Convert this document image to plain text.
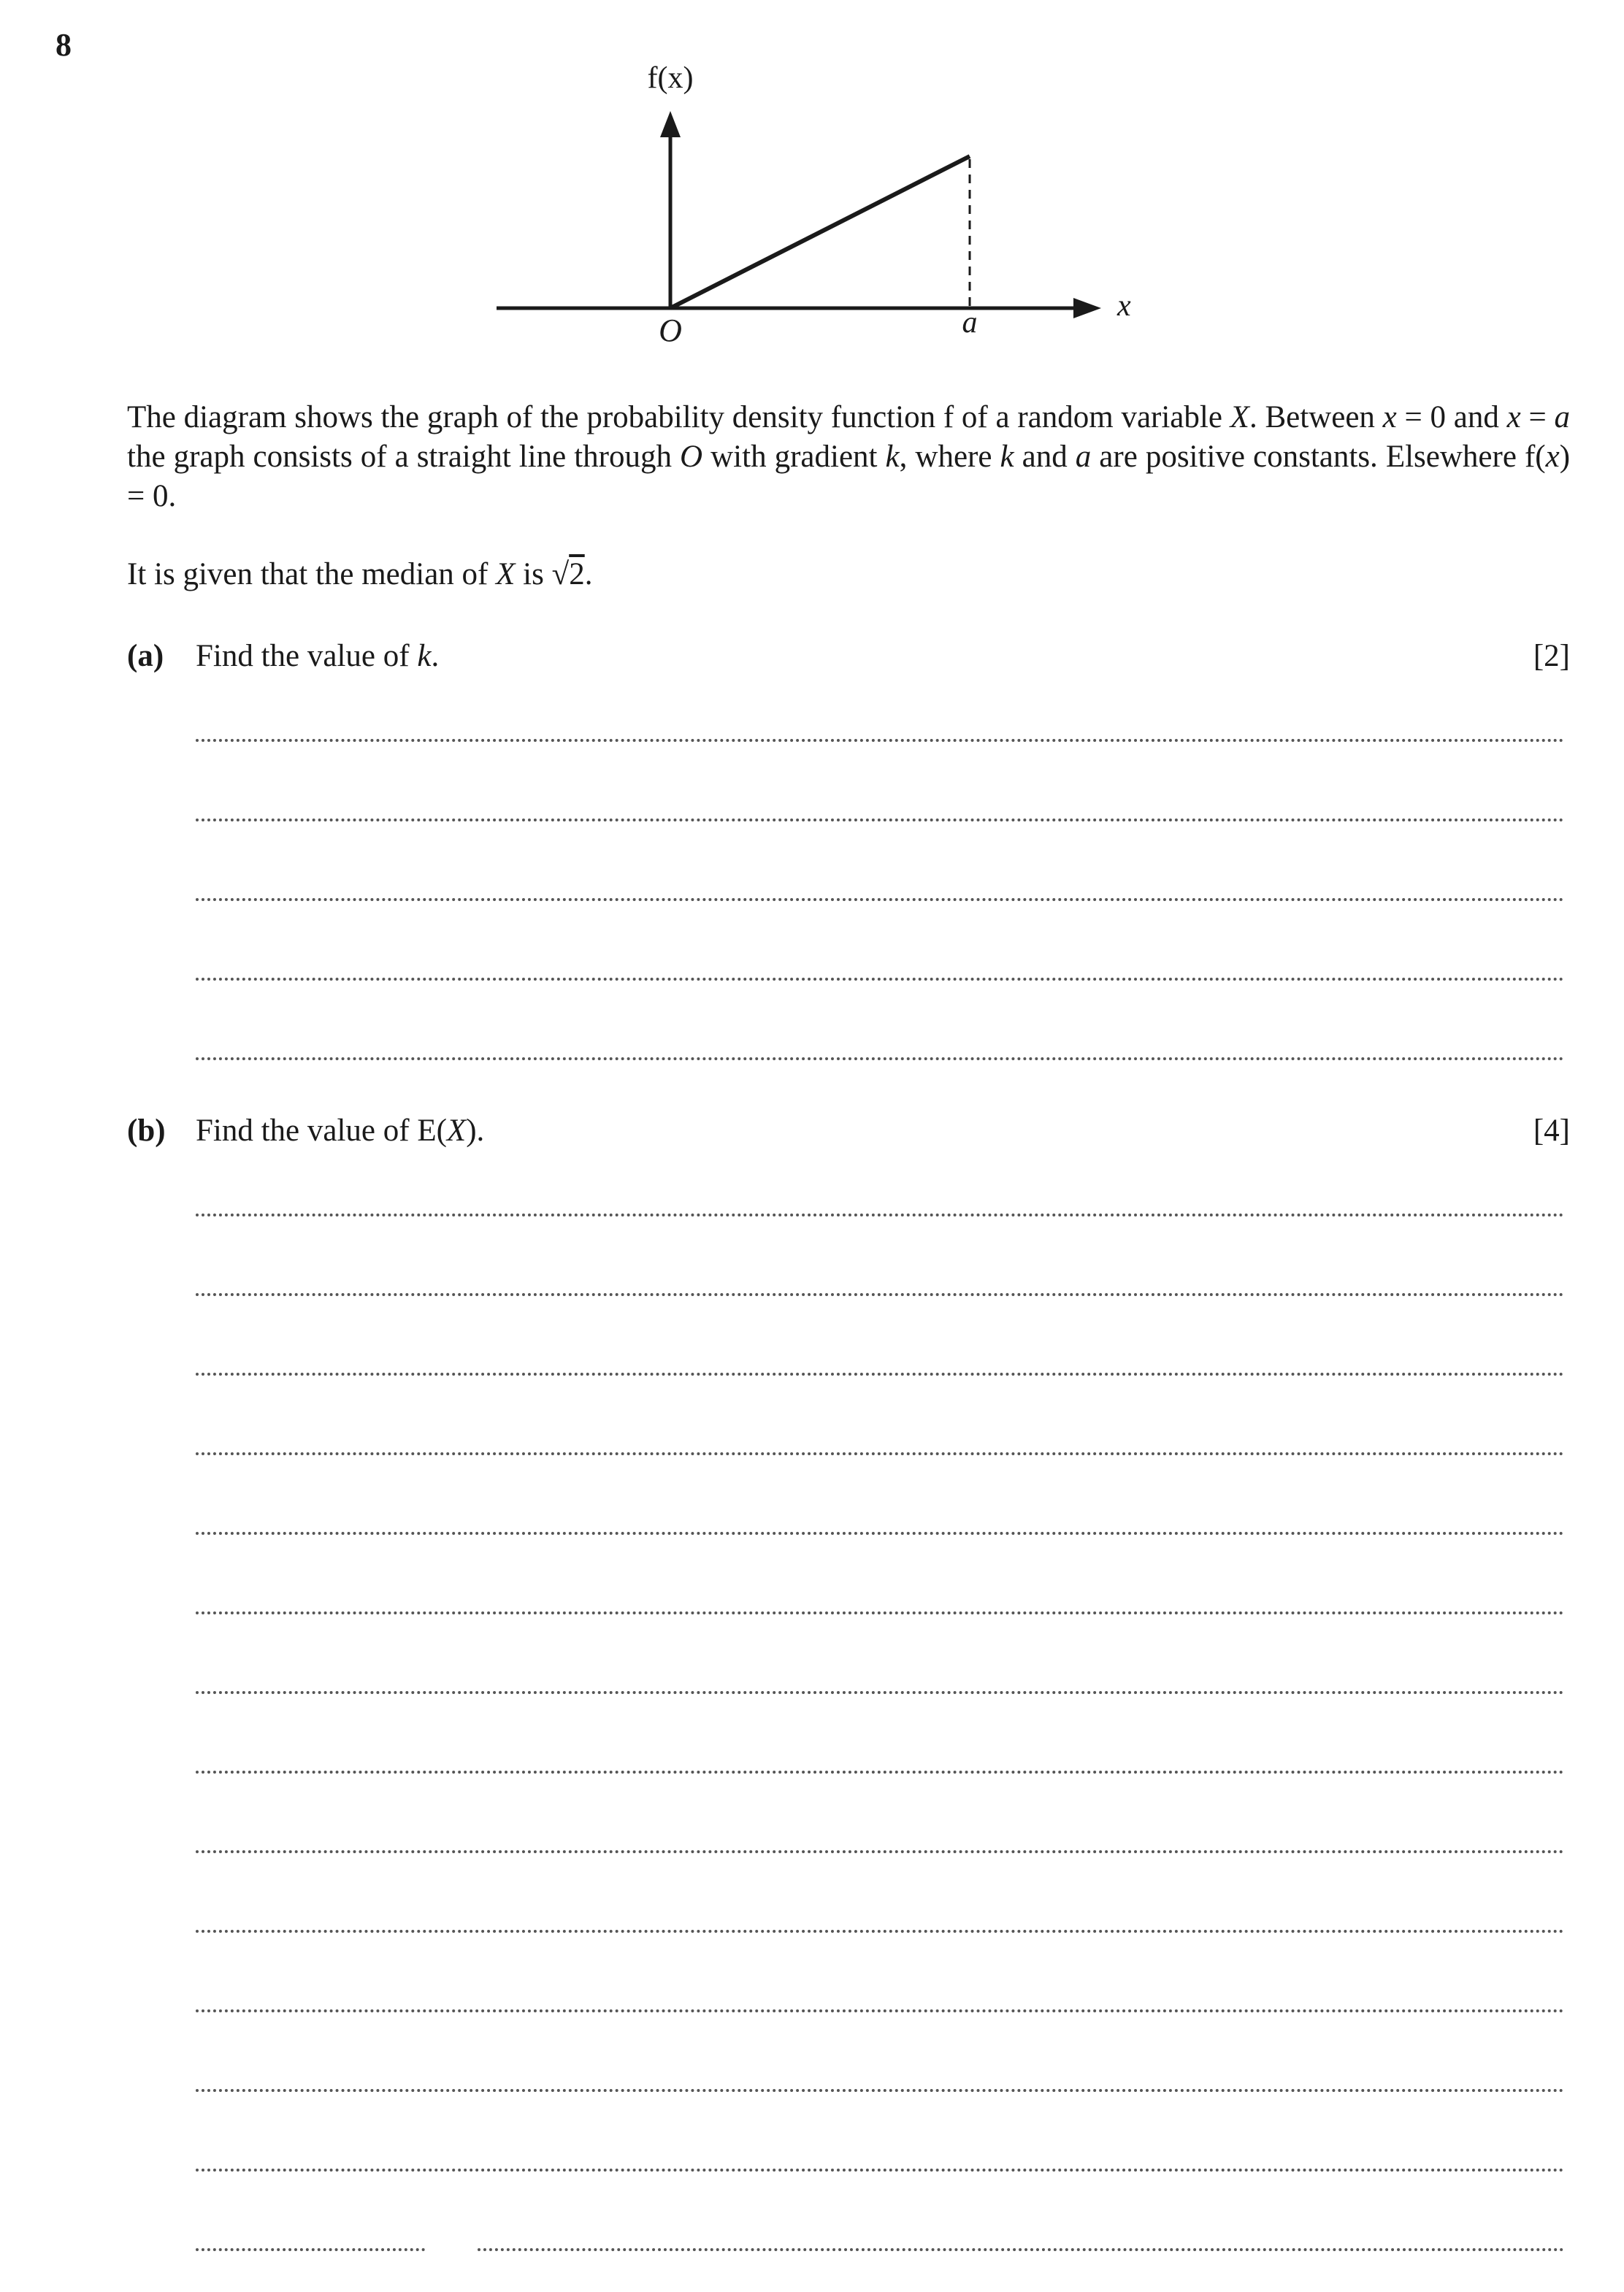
8
f(x)
x
O	a

The diagram shows the graph of the probability density function f of a random variable X. Between x = 0 and x = a the graph consists of a straight line through O with gradient k, where k and a are positive constants. Elsewhere f(x) = 0.

It is given that the median of X is √2.

(a) Find the value of k.	[2]
(b) Find the value of E(X).	[4]
